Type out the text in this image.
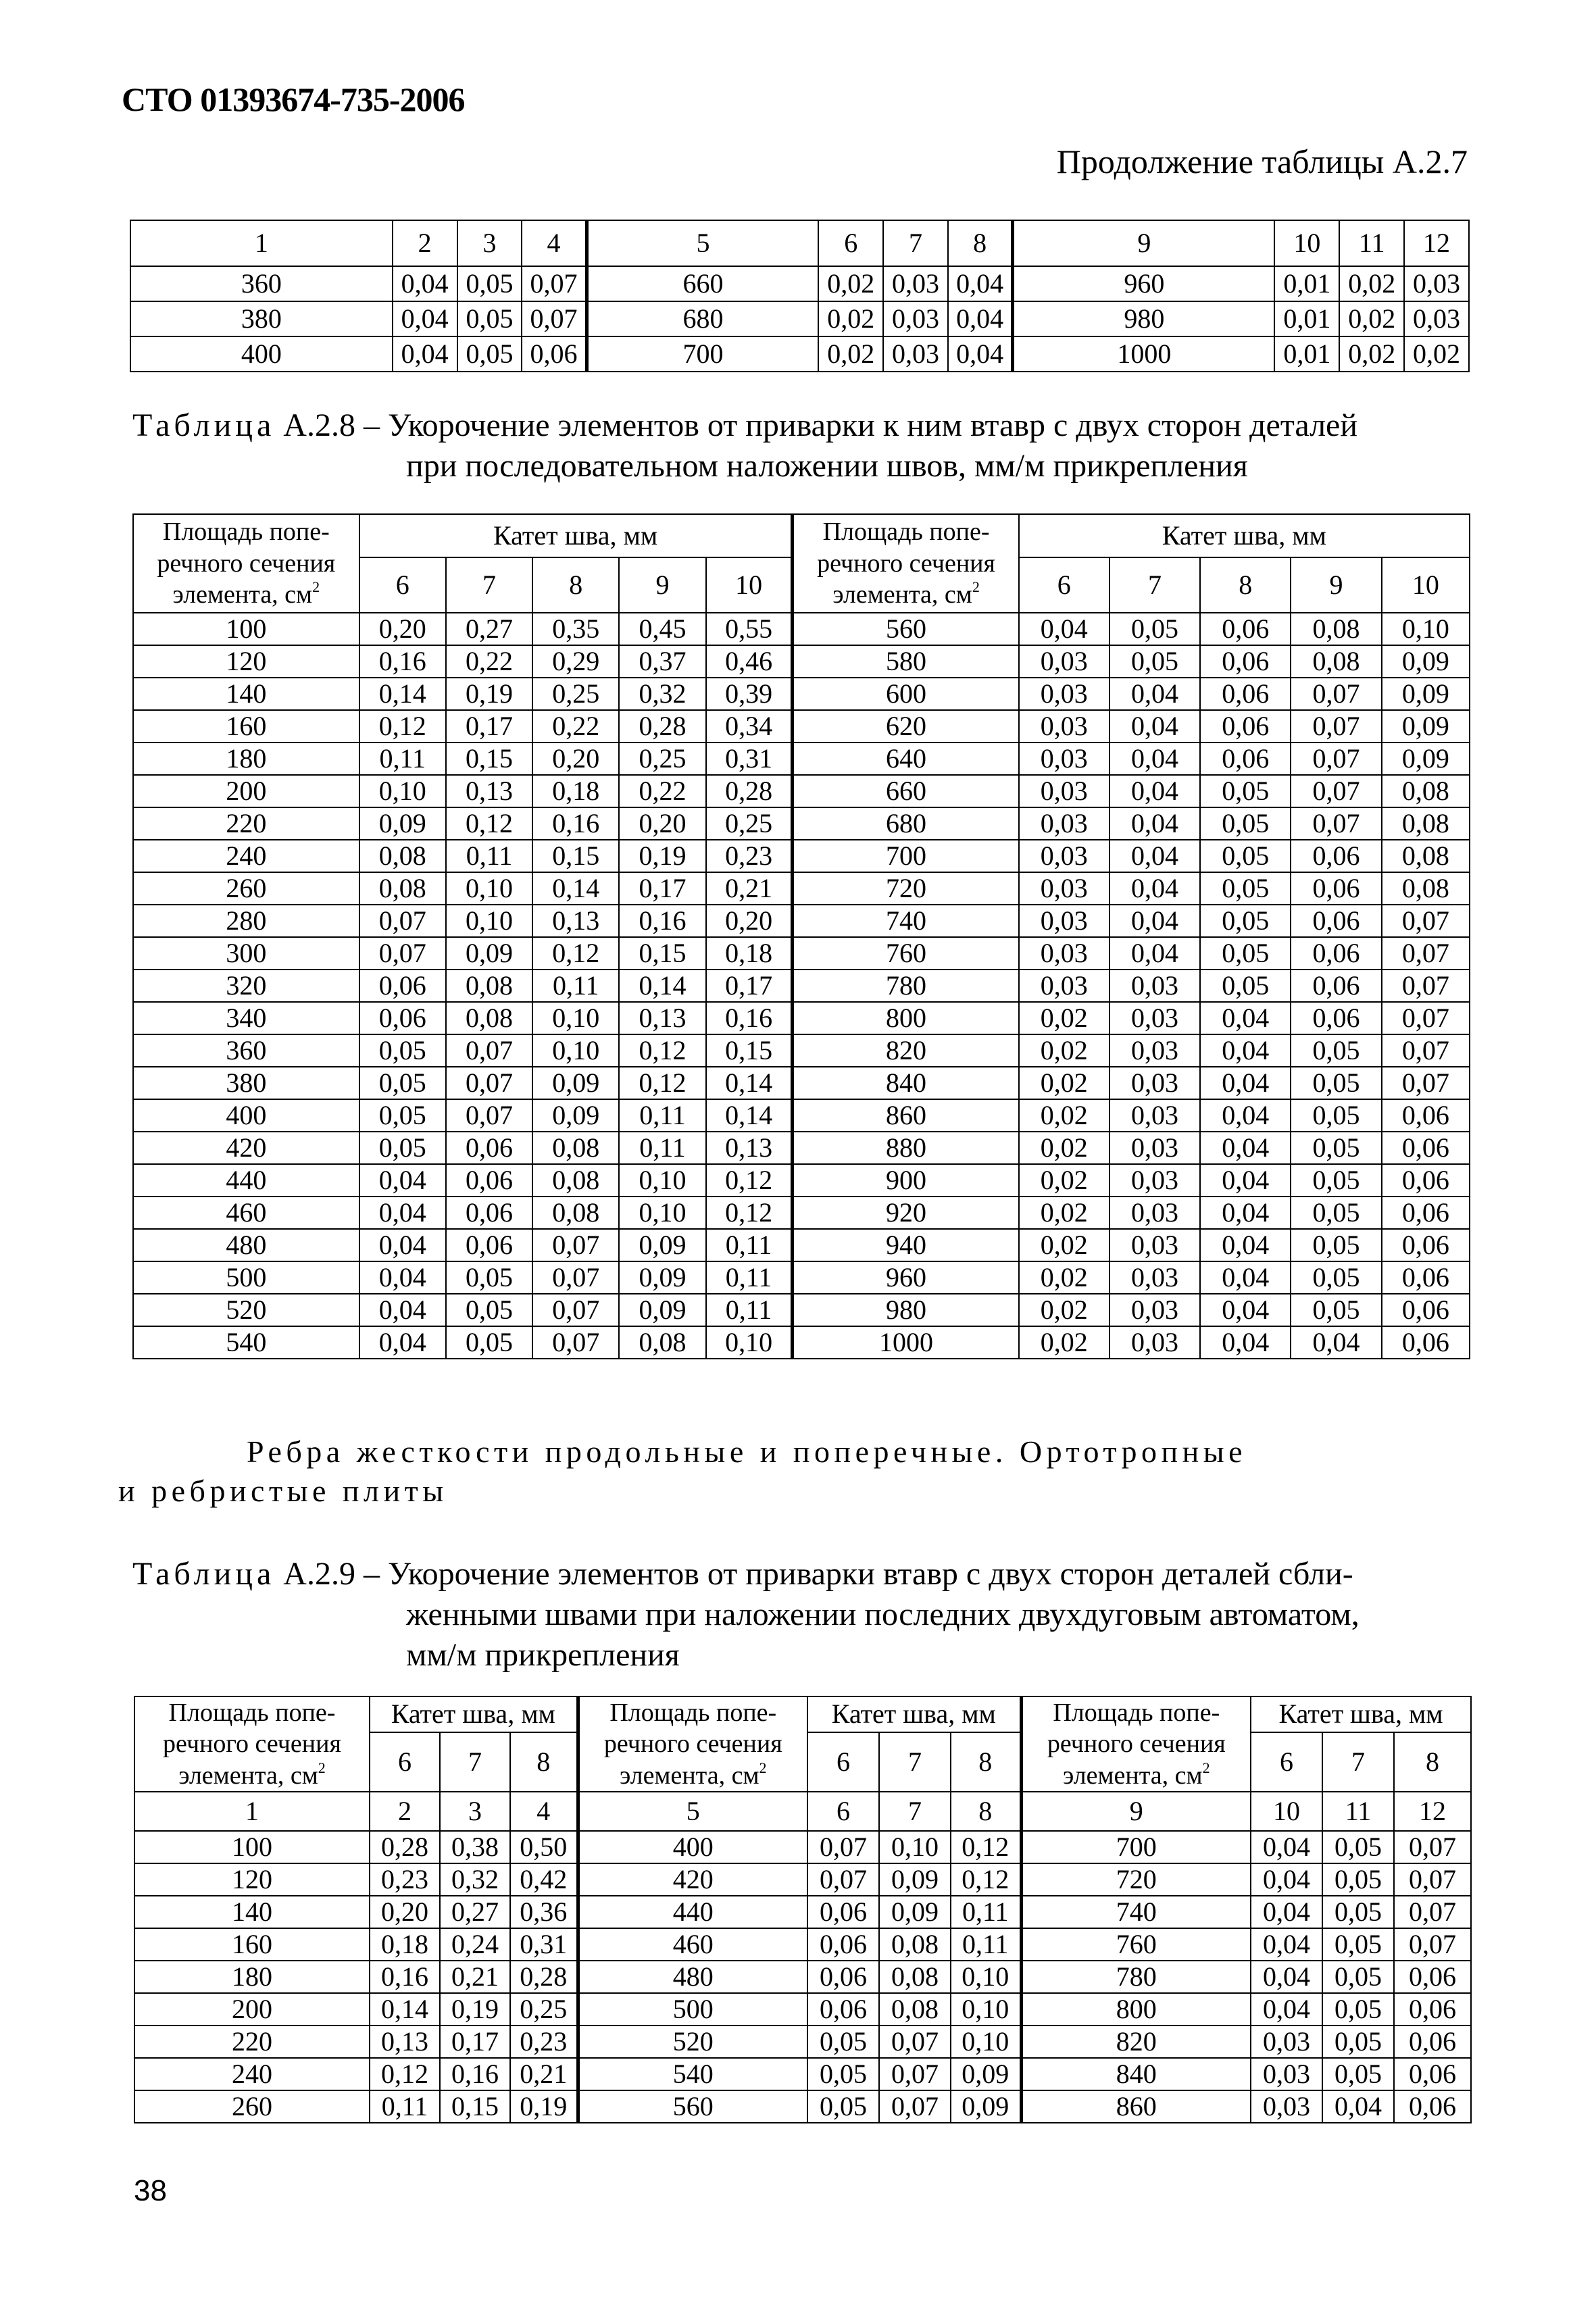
СТО 01393674-735-2006
Продолжение таблицы А.2.7
1	2	3	4	5	6	7	8	9	10	11	12
360	0,04	0,05	0,07	660	0,02	0,03	0,04	960	0,01	0,02	0,03
380	0,04	0,05	0,07	680	0,02	0,03	0,04	980	0,01	0,02	0,03
400	0,04	0,05	0,06	700	0,02	0,03	0,04	1000	0,01	0,02	0,02
Таблица А.2.8 – Укорочение элементов от приварки к ним втавр с двух сторон деталей
при последовательном наложении швов, мм/м прикрепления
Площадь попе-
речного сечения
элемента, $см^2$	Катет шва, мм					Площадь попе-
речного сечения
элемента, $см^2$	Катет шва, мм				
	6	7	8	9	10		6	7	8	9	10
100	0,20	0,27	0,35	0,45	0,55	560	0,04	0,05	0,06	0,08	0,10
120	0,16	0,22	0,29	0,37	0,46	580	0,03	0,05	0,06	0,08	0,09
140	0,14	0,19	0,25	0,32	0,39	600	0,03	0,04	0,06	0,07	0,09
160	0,12	0,17	0,22	0,28	0,34	620	0,03	0,04	0,06	0,07	0,09
180	0,11	0,15	0,20	0,25	0,31	640	0,03	0,04	0,06	0,07	0,09
200	0,10	0,13	0,18	0,22	0,28	660	0,03	0,04	0,05	0,07	0,08
220	0,09	0,12	0,16	0,20	0,25	680	0,03	0,04	0,05	0,07	0,08
240	0,08	0,11	0,15	0,19	0,23	700	0,03	0,04	0,05	0,06	0,08
260	0,08	0,10	0,14	0,17	0,21	720	0,03	0,04	0,05	0,06	0,08
280	0,07	0,10	0,13	0,16	0,20	740	0,03	0,04	0,05	0,06	0,07
300	0,07	0,09	0,12	0,15	0,18	760	0,03	0,04	0,05	0,06	0,07
320	0,06	0,08	0,11	0,14	0,17	780	0,03	0,03	0,05	0,06	0,07
340	0,06	0,08	0,10	0,13	0,16	800	0,02	0,03	0,04	0,06	0,07
360	0,05	0,07	0,10	0,12	0,15	820	0,02	0,03	0,04	0,05	0,07
380	0,05	0,07	0,09	0,12	0,14	840	0,02	0,03	0,04	0,05	0,07
400	0,05	0,07	0,09	0,11	0,14	860	0,02	0,03	0,04	0,05	0,06
420	0,05	0,06	0,08	0,11	0,13	880	0,02	0,03	0,04	0,05	0,06
440	0,04	0,06	0,08	0,10	0,12	900	0,02	0,03	0,04	0,05	0,06
460	0,04	0,06	0,08	0,10	0,12	920	0,02	0,03	0,04	0,05	0,06
480	0,04	0,06	0,07	0,09	0,11	940	0,02	0,03	0,04	0,05	0,06
500	0,04	0,05	0,07	0,09	0,11	960	0,02	0,03	0,04	0,05	0,06
520	0,04	0,05	0,07	0,09	0,11	980	0,02	0,03	0,04	0,05	0,06
540	0,04	0,05	0,07	0,08	0,10	1000	0,02	0,03	0,04	0,04	0,06
Ребра жесткости продольные и поперечные. Ортотропные
и ребристые плиты
Таблица А.2.9 – Укорочение элементов от приварки втавр с двух сторон деталей сбли-
женными швами при наложении последних двухдуговым автоматом,
мм/м прикрепления
Площадь попе-
речного сечения
элемента, $см^2$	Катет шва, мм			Площадь попе-
речного сечения
элемента, $см^2$	Катет шва, мм			Площадь попе-
речного сечения
элемента, $см^2$	Катет шва, мм		
	6	7	8		6	7	8		6	7	8
1	2	3	4	5	6	7	8	9	10	11	12
100	0,28	0,38	0,50	400	0,07	0,10	0,12	700	0,04	0,05	0,07
120	0,23	0,32	0,42	420	0,07	0,09	0,12	720	0,04	0,05	0,07
140	0,20	0,27	0,36	440	0,06	0,09	0,11	740	0,04	0,05	0,07
160	0,18	0,24	0,31	460	0,06	0,08	0,11	760	0,04	0,05	0,07
180	0,16	0,21	0,28	480	0,06	0,08	0,10	780	0,04	0,05	0,06
200	0,14	0,19	0,25	500	0,06	0,08	0,10	800	0,04	0,05	0,06
220	0,13	0,17	0,23	520	0,05	0,07	0,10	820	0,03	0,05	0,06
240	0,12	0,16	0,21	540	0,05	0,07	0,09	840	0,03	0,05	0,06
260	0,11	0,15	0,19	560	0,05	0,07	0,09	860	0,03	0,04	0,06
38
